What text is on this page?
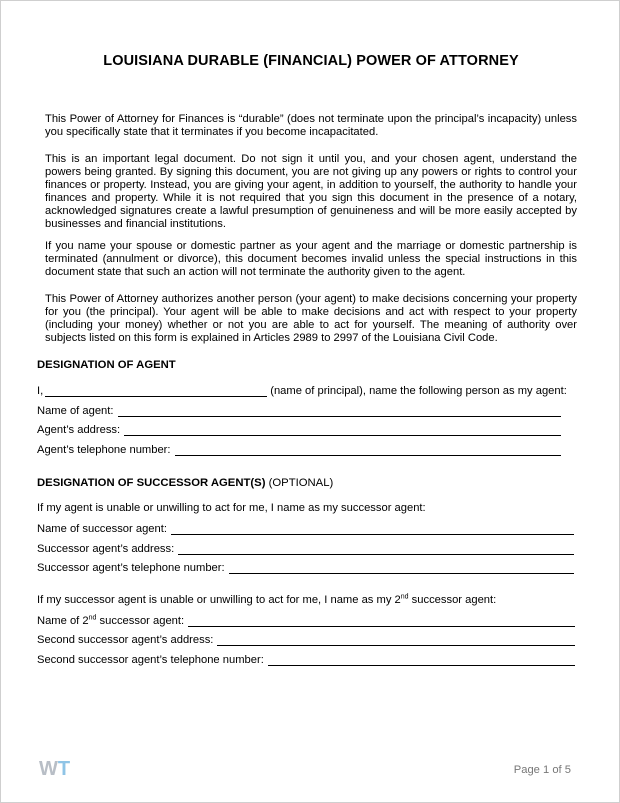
LOUISIANA DURABLE (FINANCIAL) POWER OF ATTORNEY
This Power of Attorney for Finances is “durable” (does not terminate upon the principal’s incapacity) unless you specifically state that it terminates if you become incapacitated.
This is an important legal document. Do not sign it until you, and your chosen agent, understand the powers being granted. By signing this document, you are not giving up any powers or rights to control your finances or property. Instead, you are giving your agent, in addition to yourself, the authority to handle your finances and property. While it is not required that you sign this document in the presence of a notary, acknowledged signatures create a lawful presumption of genuineness and will be more easily accepted by businesses and financial institutions.
If you name your spouse or domestic partner as your agent and the marriage or domestic partnership is terminated (annulment or divorce), this document becomes invalid unless the special instructions in this document state that such an action will not terminate the authority given to the agent.
This Power of Attorney authorizes another person (your agent) to make decisions concerning your property for you (the principal). Your agent will be able to make decisions and act with respect to your property (including your money) whether or not you are able to act for yourself. The meaning of authority over subjects listed on this form is explained in Articles 2989 to 2997 of the Louisiana Civil Code.
DESIGNATION OF AGENT
I,	(name of principal), name the following person as my agent:
Name of agent:
Agent’s address:
Agent’s telephone number:
DESIGNATION OF SUCCESSOR AGENT(S) (OPTIONAL)
If my agent is unable or unwilling to act for me, I name as my successor agent:
Name of successor agent:
Successor agent’s address:
Successor agent’s telephone number:
If my successor agent is unable or unwilling to act for me, I name as my 2nd successor agent:
Name of 2nd successor agent:
Second successor agent’s address:
Second successor agent’s telephone number:
WT	Page 1 of 5
